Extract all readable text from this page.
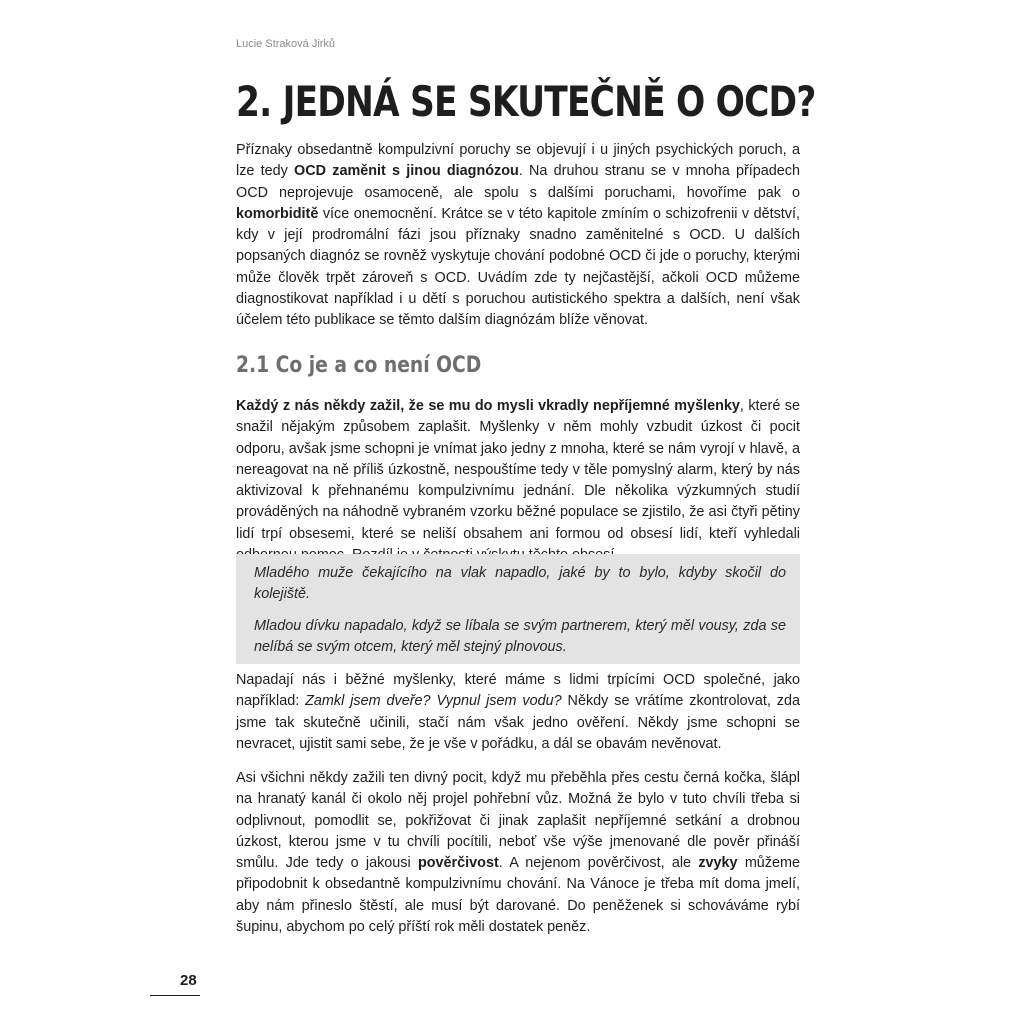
Lucie Straková Jirků
2. JEDNÁ SE SKUTEČNĚ O OCD?

Příznaky obsedantně kompulzivní poruchy se objevují i u jiných psychických poruch, a lze tedy OCD zaměnit s jinou diagnózou. Na druhou stranu se v mnoha případech OCD neprojevuje osamoceně, ale spolu s dalšími poruchami, hovoříme pak o komorbiditě více onemocnění. Krátce se v této kapitole zmíním o schizofrenii v dětství, kdy v její prodromální fázi jsou příznaky snadno zaměnitelné s OCD. U dalších popsaných diagnóz se rovněž vyskytuje chování podobné OCD či jde o poruchy, kterými může člověk trpět zároveň s OCD. Uvádím zde ty nejčastější, ačkoli OCD můžeme diagnostikovat například i u dětí s poruchou autistického spektra a dalších, není však účelem této publikace se těmto dalším diagnózám blíže věnovat.

2.1 Co je a co není OCD

Každý z nás někdy zažil, že se mu do mysli vkradly nepříjemné myšlenky, které se snažil nějakým způsobem zaplašit. Myšlenky v něm mohly vzbudit úzkost či pocit odporu, avšak jsme schopni je vnímat jako jedny z mnoha, které se nám vyrojí v hlavě, a nereagovat na ně příliš úzkostně, nespouštíme tedy v těle pomyslný alarm, který by nás aktivizoval k přehnanému kompulzivnímu jednání. Dle několika výzkumných studií prováděných na náhodně vybraném vzorku běžné populace se zjistilo, že asi čtyři pětiny lidí trpí obsesemi, které se neliší obsahem ani formou od obsesí lidí, kteří vyhledali

Mladého muže čekajícího na vlak napadlo, jaké by to bylo, kdyby skočil do kolejiště.

Mladou dívku napadalo, když se líbala se svým partnerem, který měl vousy, zda se nelíbá se svým otcem, který měl stejný plnovous.

Napadají nás i běžné myšlenky, které máme s lidmi trpícími OCD společné, jako například: Zamkl jsem dveře? Vypnul jsem vodu? Někdy se vrátíme zkontrolovat, zda jsme tak skutečně učinili, stačí nám však jedno ověření. Někdy jsme schopni se nevracet, ujistit sami sebe, že je vše v pořádku, a dál se obavám nevěnovat.

Asi všichni někdy zažili ten divný pocit, když mu přeběhla přes cestu černá kočka, šlápl na hranatý kanál či okolo něj projel pohřební vůz. Možná že bylo v tuto chvíli třeba si odplivnout, pomodlit se, pokřižovat či jinak zaplašit nepříjemné setkání a drobnou úzkost, kterou jsme v tu chvíli pocítili, neboť vše výše jmenované dle pověr přináší smůlu. Jde tedy o jakousi pověrčivost. A nejenom pověrčivost, ale zvyky můžeme připodobnit k obsedantně kompulzivnímu chování. Na Vánoce je třeba mít doma jmelí, aby nám přineslo štěstí, ale musí být darované. Do peněženek si schováváme rybí šupinu, abychom po celý příští rok měli dostatek peněz.

28
